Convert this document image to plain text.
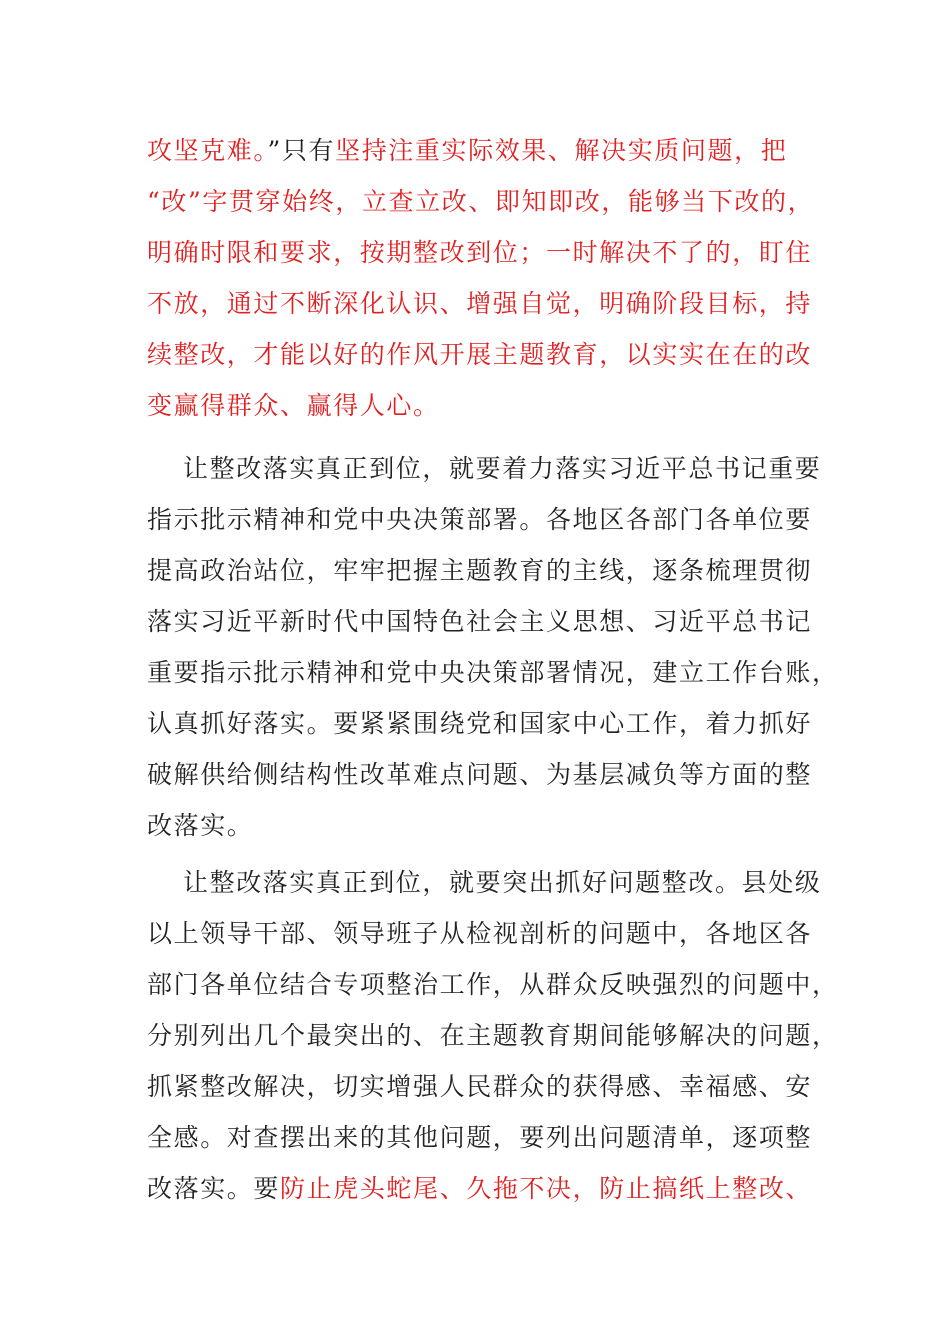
攻坚克难。”只有坚持注重实际效果、解决实质问题，把
“改”字贯穿始终，立查立改、即知即改，能够当下改的，
明确时限和要求，按期整改到位；一时解决不了的，盯住
不放，通过不断深化认识、增强自觉，明确阶段目标，持
续整改，才能以好的作风开展主题教育，以实实在在的改
变赢得群众、赢得人心。
让整改落实真正到位，就要着力落实习近平总书记重要
指示批示精神和党中央决策部署。各地区各部门各单位要
提高政治站位，牢牢把握主题教育的主线，逐条梳理贯彻
落实习近平新时代中国特色社会主义思想、习近平总书记
重要指示批示精神和党中央决策部署情况，建立工作台账，
认真抓好落实。要紧紧围绕党和国家中心工作，着力抓好
破解供给侧结构性改革难点问题、为基层减负等方面的整
改落实。
让整改落实真正到位，就要突出抓好问题整改。县处级
以上领导干部、领导班子从检视剖析的问题中，各地区各
部门各单位结合专项整治工作，从群众反映强烈的问题中，
分别列出几个最突出的、在主题教育期间能够解决的问题，
抓紧整改解决，切实增强人民群众的获得感、幸福感、安
全感。对查摆出来的其他问题，要列出问题清单，逐项整
改落实。要防止虎头蛇尾、久拖不决，防止搞纸上整改、
